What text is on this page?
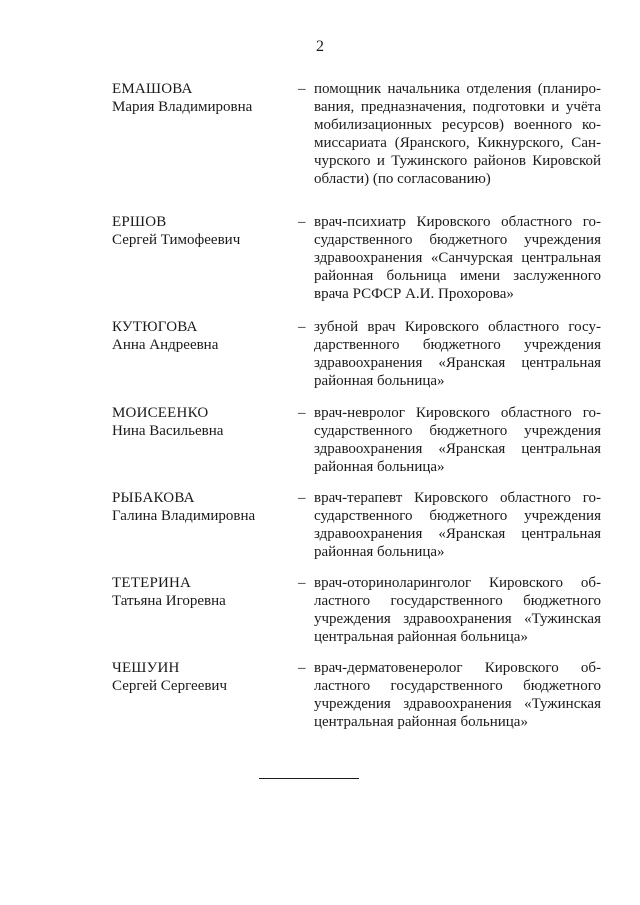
2
ЕМАШОВА
Мария Владимировна
– помощник начальника отделения (планиро-
вания, предназначения, подготовки и учёта
мобилизационных ресурсов) военного ко-
миссариата (Яранского, Кикнурского, Сан-
чурского и Тужинского районов Кировской
области) (по согласованию)
ЕРШОВ
Сергей Тимофеевич
– врач-психиатр Кировского областного го-
сударственного бюджетного учреждения
здравоохранения «Санчурская центральная
районная больница имени заслуженного
врача РСФСР А.И. Прохорова»
КУТЮГОВА
Анна Андреевна
– зубной врач Кировского областного госу-
дарственного бюджетного учреждения
здравоохранения «Яранская центральная
районная больница»
МОИСЕЕНКО
Нина Васильевна
– врач-невролог Кировского областного го-
сударственного бюджетного учреждения
здравоохранения «Яранская центральная
районная больница»
РЫБАКОВА
Галина Владимировна
– врач-терапевт Кировского областного го-
сударственного бюджетного учреждения
здравоохранения «Яранская центральная
районная больница»
ТЕТЕРИНА
Татьяна Игоревна
– врач-оториноларинголог Кировского об-
ластного государственного бюджетного
учреждения здравоохранения «Тужинская
центральная районная больница»
ЧЕШУИН
Сергей Сергеевич
– врач-дерматовенеролог Кировского об-
ластного государственного бюджетного
учреждения здравоохранения «Тужинская
центральная районная больница»
